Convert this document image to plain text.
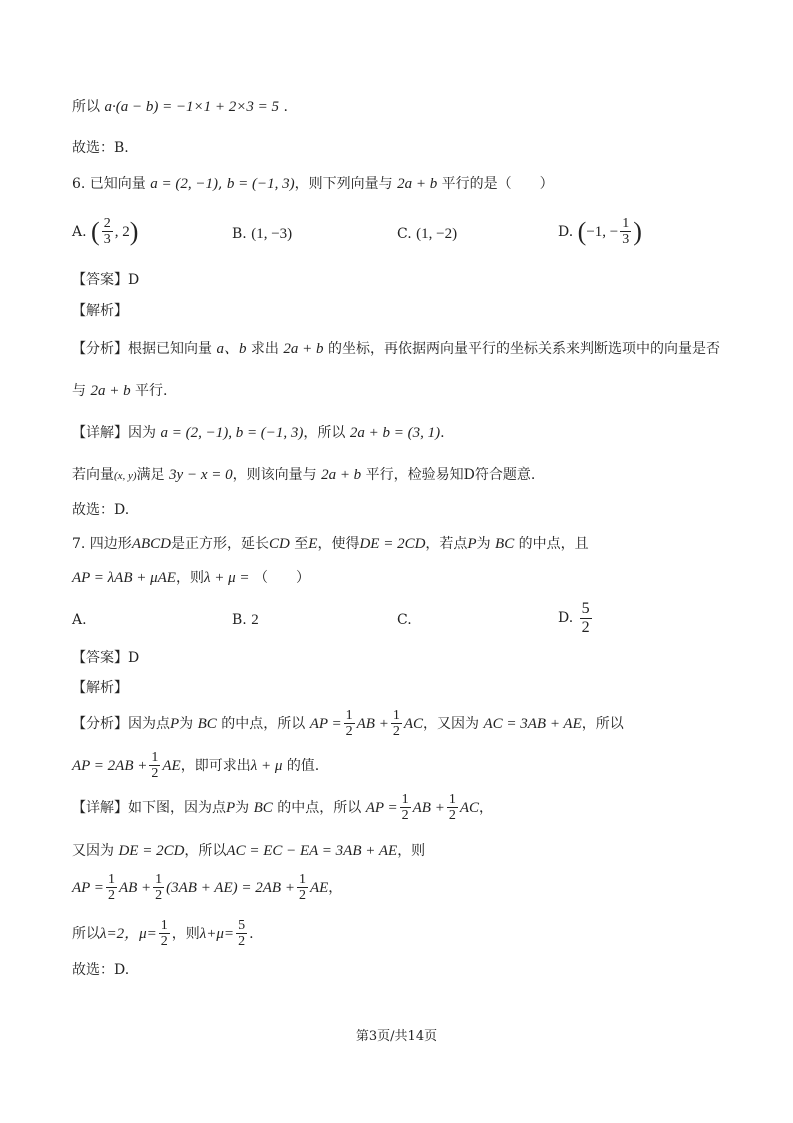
所以 a·(a − b) = −1×1 + 2×3 = 5 .
故选：B.
6. 已知向量 a = (2, −1), b = (−1, 3)，则下列向量与 2a + b 平行的是（　　）
A. ( $\frac{2}{3}$ , 2)	B. (1, −3)	C. (1, −2)	D. (−1, − $\frac{1}{3}$ )
【答案】D
【解析】
【分析】根据已知向量 a、b 求出 2a + b 的坐标，再依据两向量平行的坐标关系来判断选项中的向量是否
与 2a + b 平行.
【详解】因为 a = (2, −1), b = (−1, 3)，所以 2a + b = (3, 1).
若向量(x, y)满足 3y − x = 0，则该向量与 2a + b 平行，检验易知D符合题意.
故选：D.
7. 四边形ABCD是正方形，延长CD 至E，使得DE = 2CD，若点P为 BC 的中点，且
AP = λAB + μAE，则λ + μ = （　　）
A.	B. 2	C.	D. $\frac{5}{2}$
【答案】D
【解析】
【分析】因为点P为 BC 的中点，所以 AP = $\frac{1}{2}$ AB + $\frac{1}{2}$ AC，又因为 AC = 3AB + AE，所以
AP = $2AB + \frac{1}{2}$ AE，即可求出λ + μ 的值.
【详解】如下图，因为点P为 BC 的中点，所以 AP = $\frac{1}{2}$ AB + $\frac{1}{2}$ AC，
又因为 DE = 2CD，所以AC = EC − EA = 3AB + AE，则
AP = $\frac{1}{2}$ AB + $\frac{1}{2} (3AB + AE) = 2AB + \frac{1}{2}$ AE，
所以λ=2，$\mu= \frac{1}{2}$ ，则$\lambda+\mu= \frac{5}{2}$ .
故选：D.
第3页/共14页
